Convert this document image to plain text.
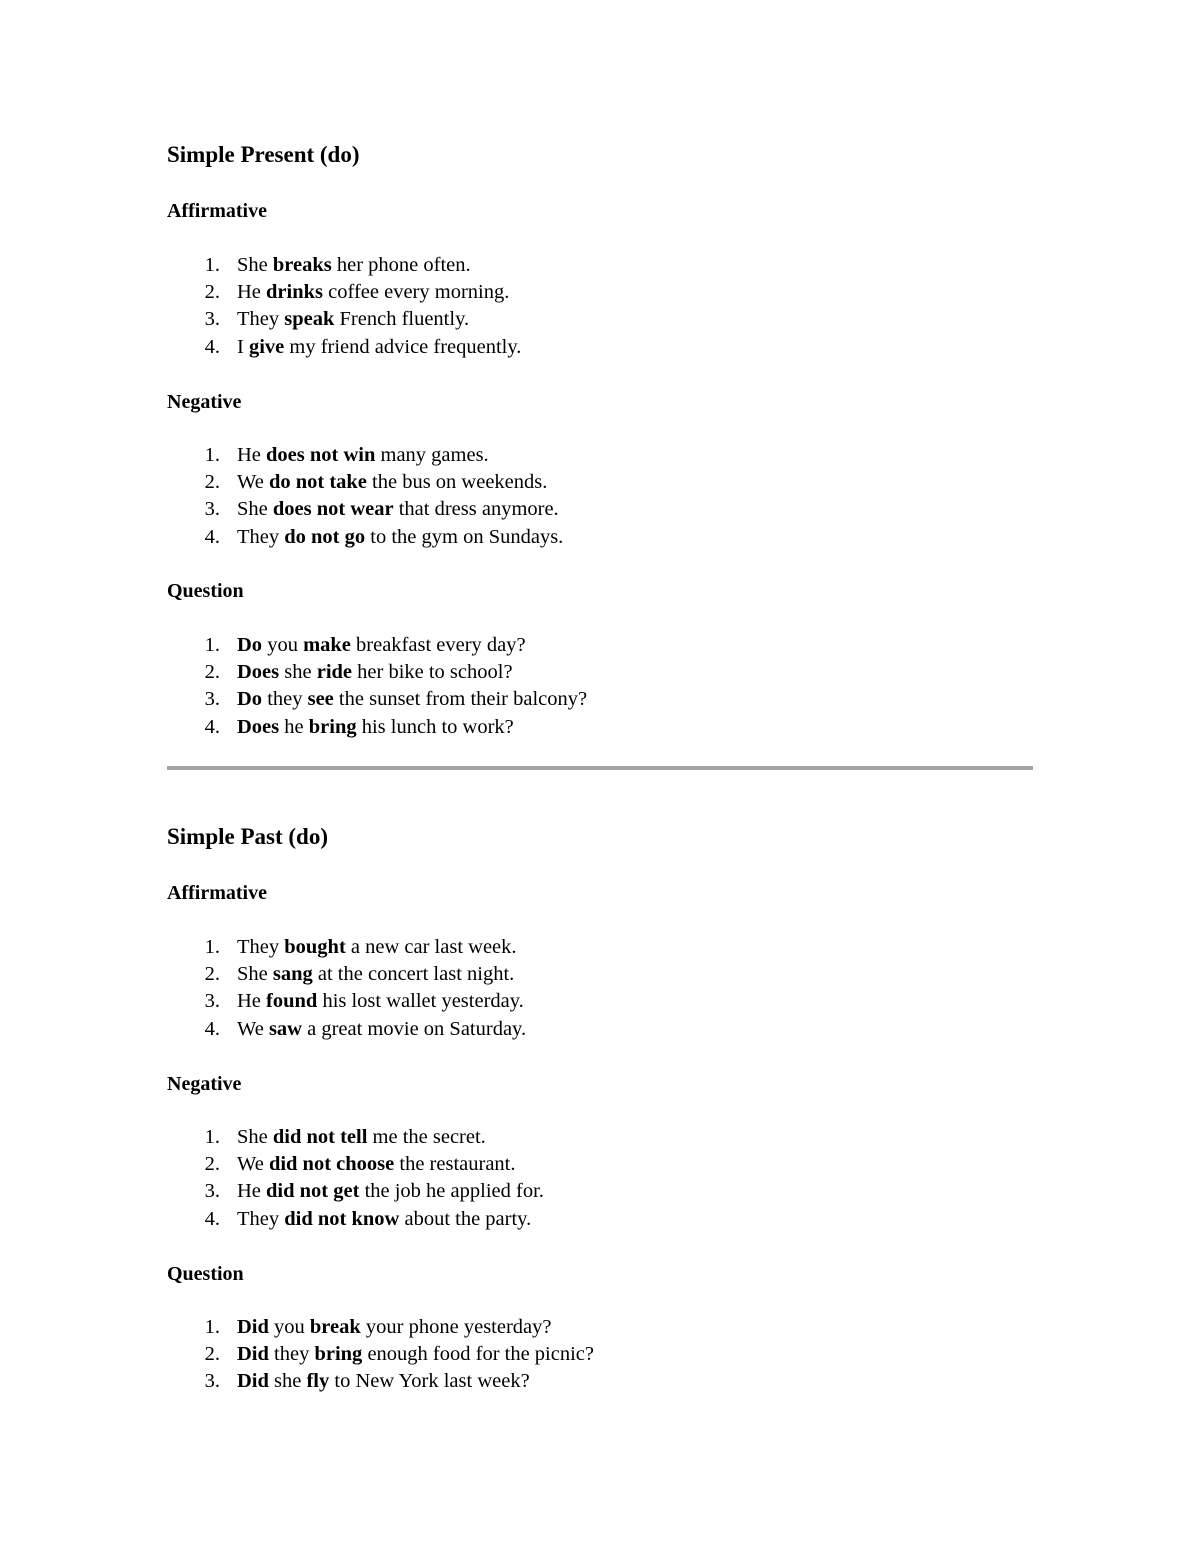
Simple Present (do)
Affirmative
1. She breaks her phone often.
2. He drinks coffee every morning.
3. They speak French fluently.
4. I give my friend advice frequently.
Negative
1. He does not win many games.
2. We do not take the bus on weekends.
3. She does not wear that dress anymore.
4. They do not go to the gym on Sundays.
Question
1. Do you make breakfast every day?
2. Does she ride her bike to school?
3. Do they see the sunset from their balcony?
4. Does he bring his lunch to work?
Simple Past (do)
Affirmative
1. They bought a new car last week.
2. She sang at the concert last night.
3. He found his lost wallet yesterday.
4. We saw a great movie on Saturday.
Negative
1. She did not tell me the secret.
2. We did not choose the restaurant.
3. He did not get the job he applied for.
4. They did not know about the party.
Question
1. Did you break your phone yesterday?
2. Did they bring enough food for the picnic?
3. Did she fly to New York last week?
